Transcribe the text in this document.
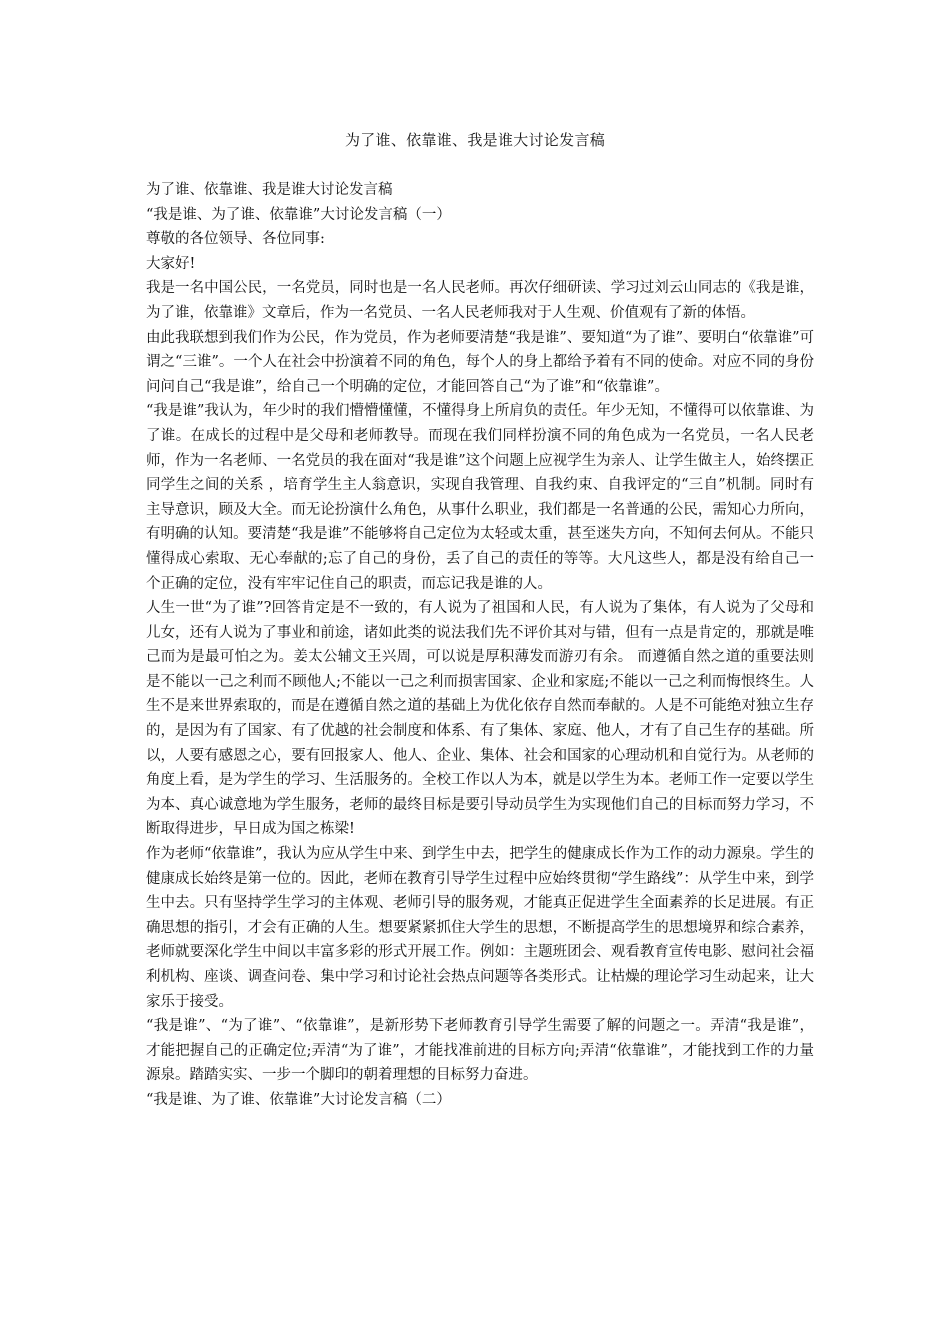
为了谁、依靠谁、我是谁大讨论发言稿

为了谁、依靠谁、我是谁大讨论发言稿

“我是谁、为了谁、依靠谁”大讨论发言稿（一）

尊敬的各位领导、各位同事:

大家好!

我是一名中国公民，一名党员，同时也是一名人民老师。再次仔细研读、学习过刘云山同志的《我是谁，为了谁，依靠谁》文章后，作为一名党员、一名人民老师我对于人生观、价值观有了新的体悟。

由此我联想到我们作为公民，作为党员，作为老师要清楚“我是谁”、要知道“为了谁”、要明白“依靠谁”可谓之“三谁”。一个人在社会中扮演着不同的角色，每个人的身上都给予着有不同的使命。对应不同的身份问问自己“我是谁”，给自己一个明确的定位，才能回答自己“为了谁”和“依靠谁”。

“我是谁”我认为，年少时的我们懵懵懂懂，不懂得身上所肩负的责任。年少无知，不懂得可以依靠谁、为了谁。在成长的过程中是父母和老师教导。而现在我们同样扮演不同的角色成为一名党员，一名人民老师，作为一名老师、一名党员的我在面对“我是谁”这个问题上应视学生为亲人、让学生做主人，始终摆正同学生之间的关系 ，培育学生主人翁意识，实现自我管理、自我约束、自我评定的“三自”机制。同时有主导意识，顾及大全。而无论扮演什么角色，从事什么职业，我们都是一名普通的公民，需知心力所向，有明确的认知。要清楚“我是谁”不能够将自己定位为太轻或太重，甚至迷失方向，不知何去何从。不能只懂得成心索取、无心奉献的;忘了自己的身份，丢了自己的责任的等等。大凡这些人，都是没有给自己一个正确的定位，没有牢牢记住自己的职责，而忘记我是谁的人。

人生一世“为了谁”?回答肯定是不一致的，有人说为了祖国和人民，有人说为了集体，有人说为了父母和儿女，还有人说为了事业和前途，诸如此类的说法我们先不评价其对与错，但有一点是肯定的，那就是唯己而为是最可怕之为。姜太公辅文王兴周，可以说是厚积薄发而游刃有余。 而遵循自然之道的重要法则是不能以一己之利而不顾他人;不能以一己之利而损害国家、企业和家庭;不能以一己之利而悔恨终生。人生不是来世界索取的，而是在遵循自然之道的基础上为优化依存自然而奉献的。人是不可能绝对独立生存的，是因为有了国家、有了优越的社会制度和体系、有了集体、家庭、他人，才有了自己生存的基础。所以，人要有感恩之心，要有回报家人、他人、企业、集体、社会和国家的心理动机和自觉行为。从老师的角度上看，是为学生的学习、生活服务的。全校工作以人为本，就是以学生为本。老师工作一定要以学生为本、真心诚意地为学生服务，老师的最终目标是要引导动员学生为实现他们自己的目标而努力学习，不断取得进步，早日成为国之栋梁!

作为老师“依靠谁”，我认为应从学生中来、到学生中去，把学生的健康成长作为工作的动力源泉。学生的健康成长始终是第一位的。因此，老师在教育引导学生过程中应始终贯彻“学生路线”：从学生中来，到学生中去。只有坚持学生学习的主体观、老师引导的服务观，才能真正促进学生全面素养的长足进展。有正确思想的指引，才会有正确的人生。想要紧紧抓住大学生的思想，不断提高学生的思想境界和综合素养，老师就要深化学生中间以丰富多彩的形式开展工作。例如：主题班团会、观看教育宣传电影、慰问社会福利机构、座谈、调查问卷、集中学习和讨论社会热点问题等各类形式。让枯燥的理论学习生动起来，让大家乐于接受。

“我是谁”、“为了谁”、“依靠谁”，是新形势下老师教育引导学生需要了解的问题之一。弄清“我是谁”，才能把握自己的正确定位;弄清“为了谁”，才能找准前进的目标方向;弄清“依靠谁”，才能找到工作的力量源泉。踏踏实实、一步一个脚印的朝着理想的目标努力奋进。

“我是谁、为了谁、依靠谁”大讨论发言稿（二）
